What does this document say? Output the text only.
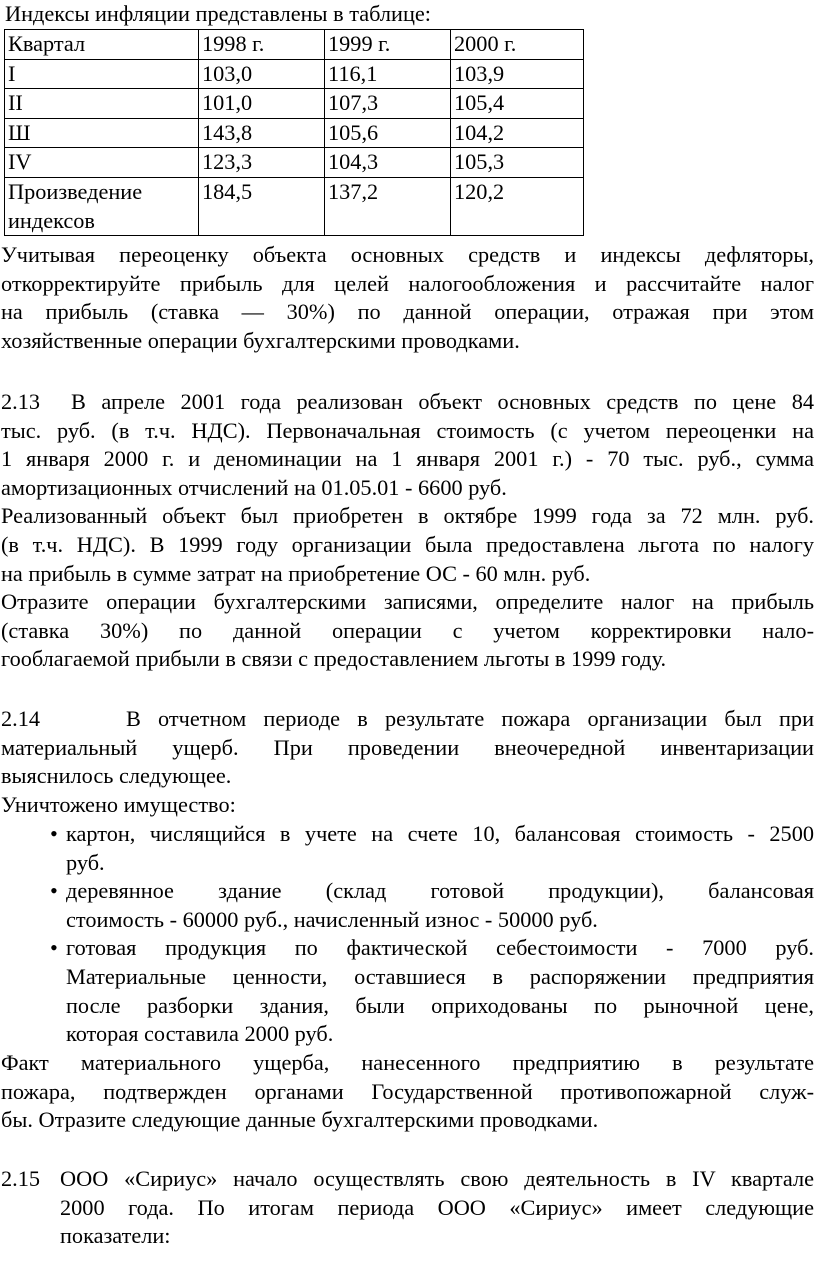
Индексы инфляции представлены в таблице:
Квартал	1998 г.	1999 г.	2000 г.
I	103,0	116,1	103,9
II	101,0	107,3	105,4
Ш	143,8	105,6	104,2
IV	123,3	104,3	105,3
Произведение индексов	184,5	137,2	120,2
Учитывая переоценку объекта основных средств и индексы дефляторы,
откорректируйте прибыль для целей налогообложения и рассчитайте налог
на прибыль (ставка — 30%) по данной операции, отражая при этом
хозяйственные операции бухгалтерскими проводками.
2.13  В апреле 2001 года реализован объект основных средств по цене 84
тыс. руб. (в т.ч. НДС). Первоначальная стоимость (с учетом переоценки на
1 января 2000 г. и деноминации на 1 января 2001 г.) - 70 тыс. руб., сумма
амортизационных отчислений на 01.05.01 - 6600 руб.
Реализованный объект был приобретен в октябре 1999 года за 72 млн. руб.
(в т.ч. НДС). В 1999 году организации была предоставлена льгота по налогу
на прибыль в сумме затрат на приобретение ОС - 60 млн. руб.
Отразите операции бухгалтерскими записями, определите налог на прибыль
(ставка 30%) по данной операции с учетом корректировки нало-
гооблагаемой прибыли в связи с предоставлением льготы в 1999 году.
2.14     В отчетном периоде в результате пожара организации был при
материальный ущерб. При проведении внеочередной инвентаризации
выяснилось следующее.
Уничтожено имущество:
• картон, числящийся в учете на счете 10, балансовая стоимость - 2500
руб.
• деревянное здание (склад готовой продукции), балансовая
стоимость - 60000 руб., начисленный износ - 50000 руб.
• готовая продукция по фактической себестоимости - 7000 руб.
Материальные ценности, оставшиеся в распоряжении предприятия
после разборки здания, были оприходованы по рыночной цене,
которая составила 2000 руб.
Факт материального ущерба, нанесенного предприятию в результате
пожара, подтвержден органами Государственной противопожарной служ-
бы. Отразите следующие данные бухгалтерскими проводками.
2.15 ООО «Сириус» начало осуществлять свою деятельность в IV квартале
2000 года. По итогам периода ООО «Сириус» имеет следующие
показатели:
